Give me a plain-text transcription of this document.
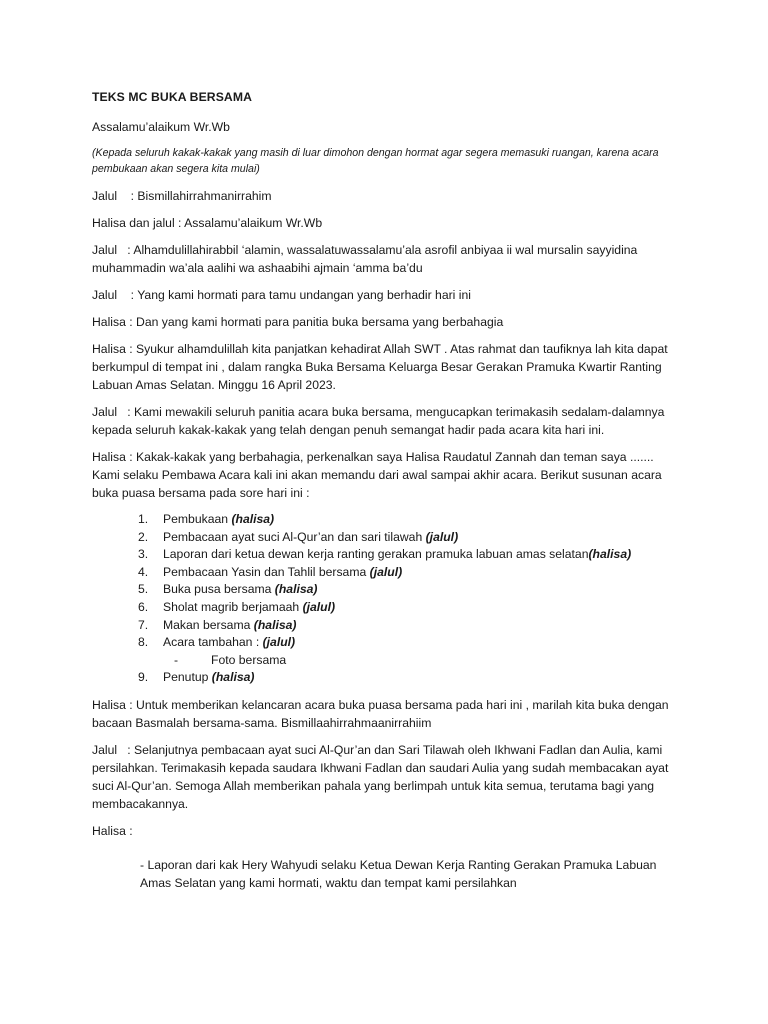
TEKS MC BUKA BERSAMA

Assalamu’alaikum Wr.Wb

(Kepada seluruh kakak-kakak yang masih di luar dimohon dengan hormat agar segera memasuki ruangan, karena acara pembukaan akan segera kita mulai)

Jalul    : Bismillahirrahmanirrahim

Halisa dan jalul : Assalamu’alaikum Wr.Wb

Jalul   : Alhamdulillahirabbil ‘alamin, wassalatuwassalamu’ala asrofil anbiyaa ii wal mursalin sayyidina muhammadin wa’ala aalihi wa ashaabihi ajmain ‘amma ba’du

Jalul    : Yang kami hormati para tamu undangan yang berhadir hari ini

Halisa : Dan yang kami hormati para panitia buka bersama yang berbahagia

Halisa : Syukur alhamdulillah kita panjatkan kehadirat Allah SWT . Atas rahmat dan taufiknya lah kita dapat berkumpul di tempat ini , dalam rangka Buka Bersama Keluarga Besar Gerakan Pramuka Kwartir Ranting Labuan Amas Selatan. Minggu 16 April 2023.

Jalul   : Kami mewakili seluruh panitia acara buka bersama, mengucapkan terimakasih sedalam-dalamnya kepada seluruh kakak-kakak yang telah dengan penuh semangat hadir pada acara kita hari ini.

Halisa : Kakak-kakak yang berbahagia, perkenalkan saya Halisa Raudatul Zannah dan teman saya ....... Kami selaku Pembawa Acara kali ini akan memandu dari awal sampai akhir acara. Berikut susunan acara buka puasa bersama pada sore hari ini :

1.	Pembukaan (halisa)
2.	Pembacaan ayat suci Al-Qur’an dan sari tilawah (jalul)
3.	Laporan dari ketua dewan kerja ranting gerakan pramuka labuan amas selatan(halisa)
4.	Pembacaan Yasin dan Tahlil bersama (jalul)
5.	Buka pusa bersama (halisa)
6.	Sholat magrib berjamaah (jalul)
7.	Makan bersama (halisa)
8.	Acara tambahan : (jalul)
-	Foto bersama
9.	Penutup (halisa)

Halisa : Untuk memberikan kelancaran acara buka puasa bersama pada hari ini , marilah kita buka dengan bacaan Basmalah bersama-sama. Bismillaahirrahmaanirrahiim

Jalul   : Selanjutnya pembacaan ayat suci Al-Qur’an dan Sari Tilawah oleh Ikhwani Fadlan dan Aulia, kami persilahkan. Terimakasih kepada saudara Ikhwani Fadlan dan saudari Aulia yang sudah membacakan ayat suci Al-Qur’an. Semoga Allah memberikan pahala yang berlimpah untuk kita semua, terutama bagi yang membacakannya.

Halisa :

- Laporan dari kak Hery Wahyudi selaku Ketua Dewan Kerja Ranting Gerakan Pramuka Labuan Amas Selatan yang kami hormati, waktu dan tempat kami persilahkan
